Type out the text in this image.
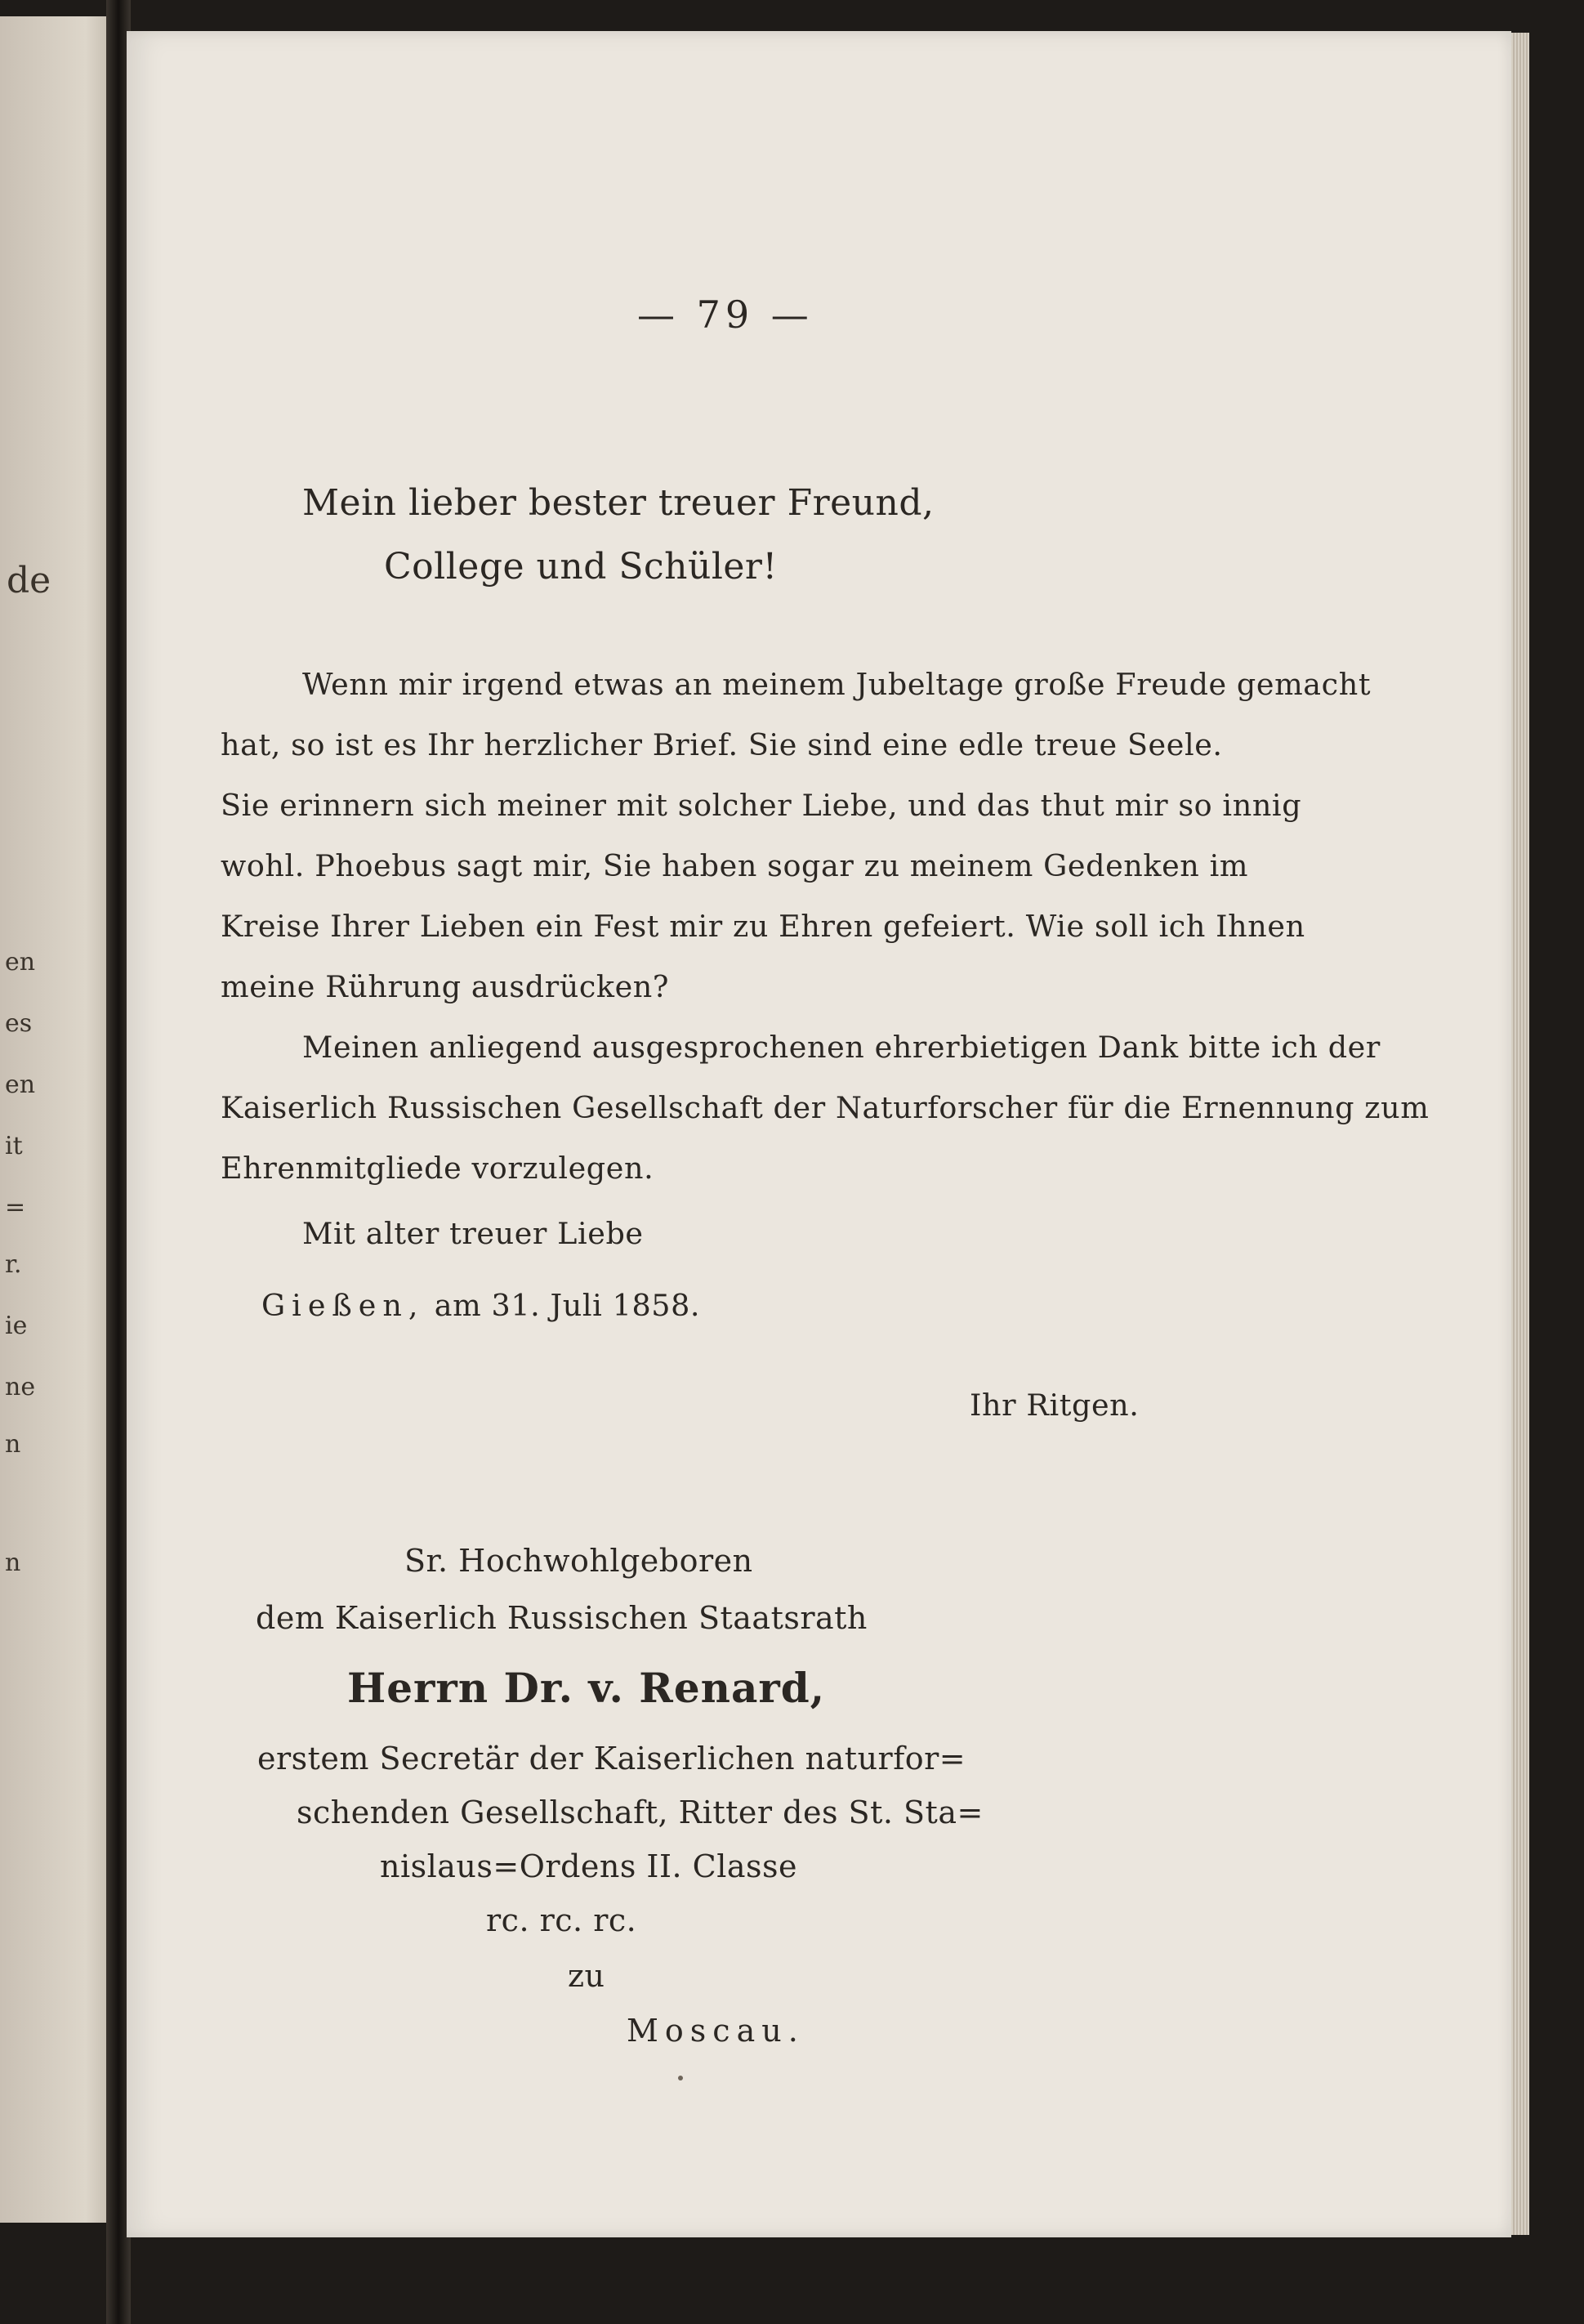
de
en
es
en
it
=
r.
ie
ne
n
n
— 79 —
Mein lieber bester treuer Freund,
College und Schüler!
Wenn mir irgend etwas an meinem Jubeltage große Freude gemacht
hat, so ist es Ihr herzlicher Brief. Sie sind eine edle treue Seele.
Sie erinnern sich meiner mit solcher Liebe, und das thut mir so innig
wohl. Phoebus sagt mir, Sie haben sogar zu meinem Gedenken im
Kreise Ihrer Lieben ein Fest mir zu Ehren gefeiert. Wie soll ich Ihnen
meine Rührung ausdrücken?
Meinen anliegend ausgesprochenen ehrerbietigen Dank bitte ich der
Kaiserlich Russischen Gesellschaft der Naturforscher für die Ernennung zum
Ehrenmitgliede vorzulegen.
Mit alter treuer Liebe
Gießen, am 31. Juli 1858.
Ihr Ritgen.
Sr. Hochwohlgeboren
dem Kaiserlich Russischen Staatsrath
Herrn Dr. v. Renard,
erstem Secretär der Kaiserlichen naturfor=
schenden Gesellschaft, Ritter des St. Sta=
nislaus=Ordens II. Classe
rc. rc. rc.
zu
Moscau.
